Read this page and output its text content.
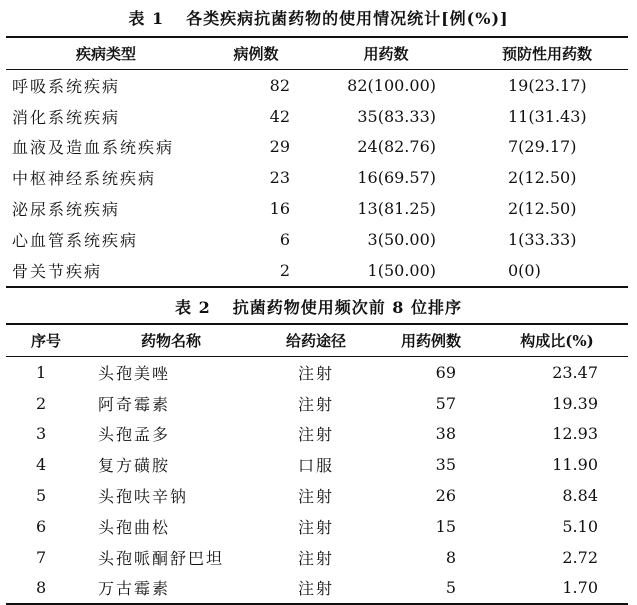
表 1 各类疾病抗菌药物的使用情况统计[例(%)]
疾病类型	病例数	用药数	预防性用药数
呼吸系统疾病	82	82(100.00)	19(23.17)
消化系统疾病	42	35(83.33)	11(31.43)
血液及造血系统疾病	29	24(82.76)	7(29.17)
中枢神经系统疾病	23	16(69.57)	2(12.50)
泌尿系统疾病	16	13(81.25)	2(12.50)
心血管系统疾病	6	3(50.00)	1(33.33)
骨关节疾病	2	1(50.00)	0(0)
表 2 抗菌药物使用频次前 8 位排序
序号	药物名称	给药途径	用药例数	构成比(%)
1	头孢美唑	注射	69	23.47
2	阿奇霉素	注射	57	19.39
3	头孢孟多	注射	38	12.93
4	复方磺胺	口服	35	11.90
5	头孢呋辛钠	注射	26	8.84
6	头孢曲松	注射	15	5.10
7	头孢哌酮舒巴坦	注射	8	2.72
8	万古霉素	注射	5	1.70
